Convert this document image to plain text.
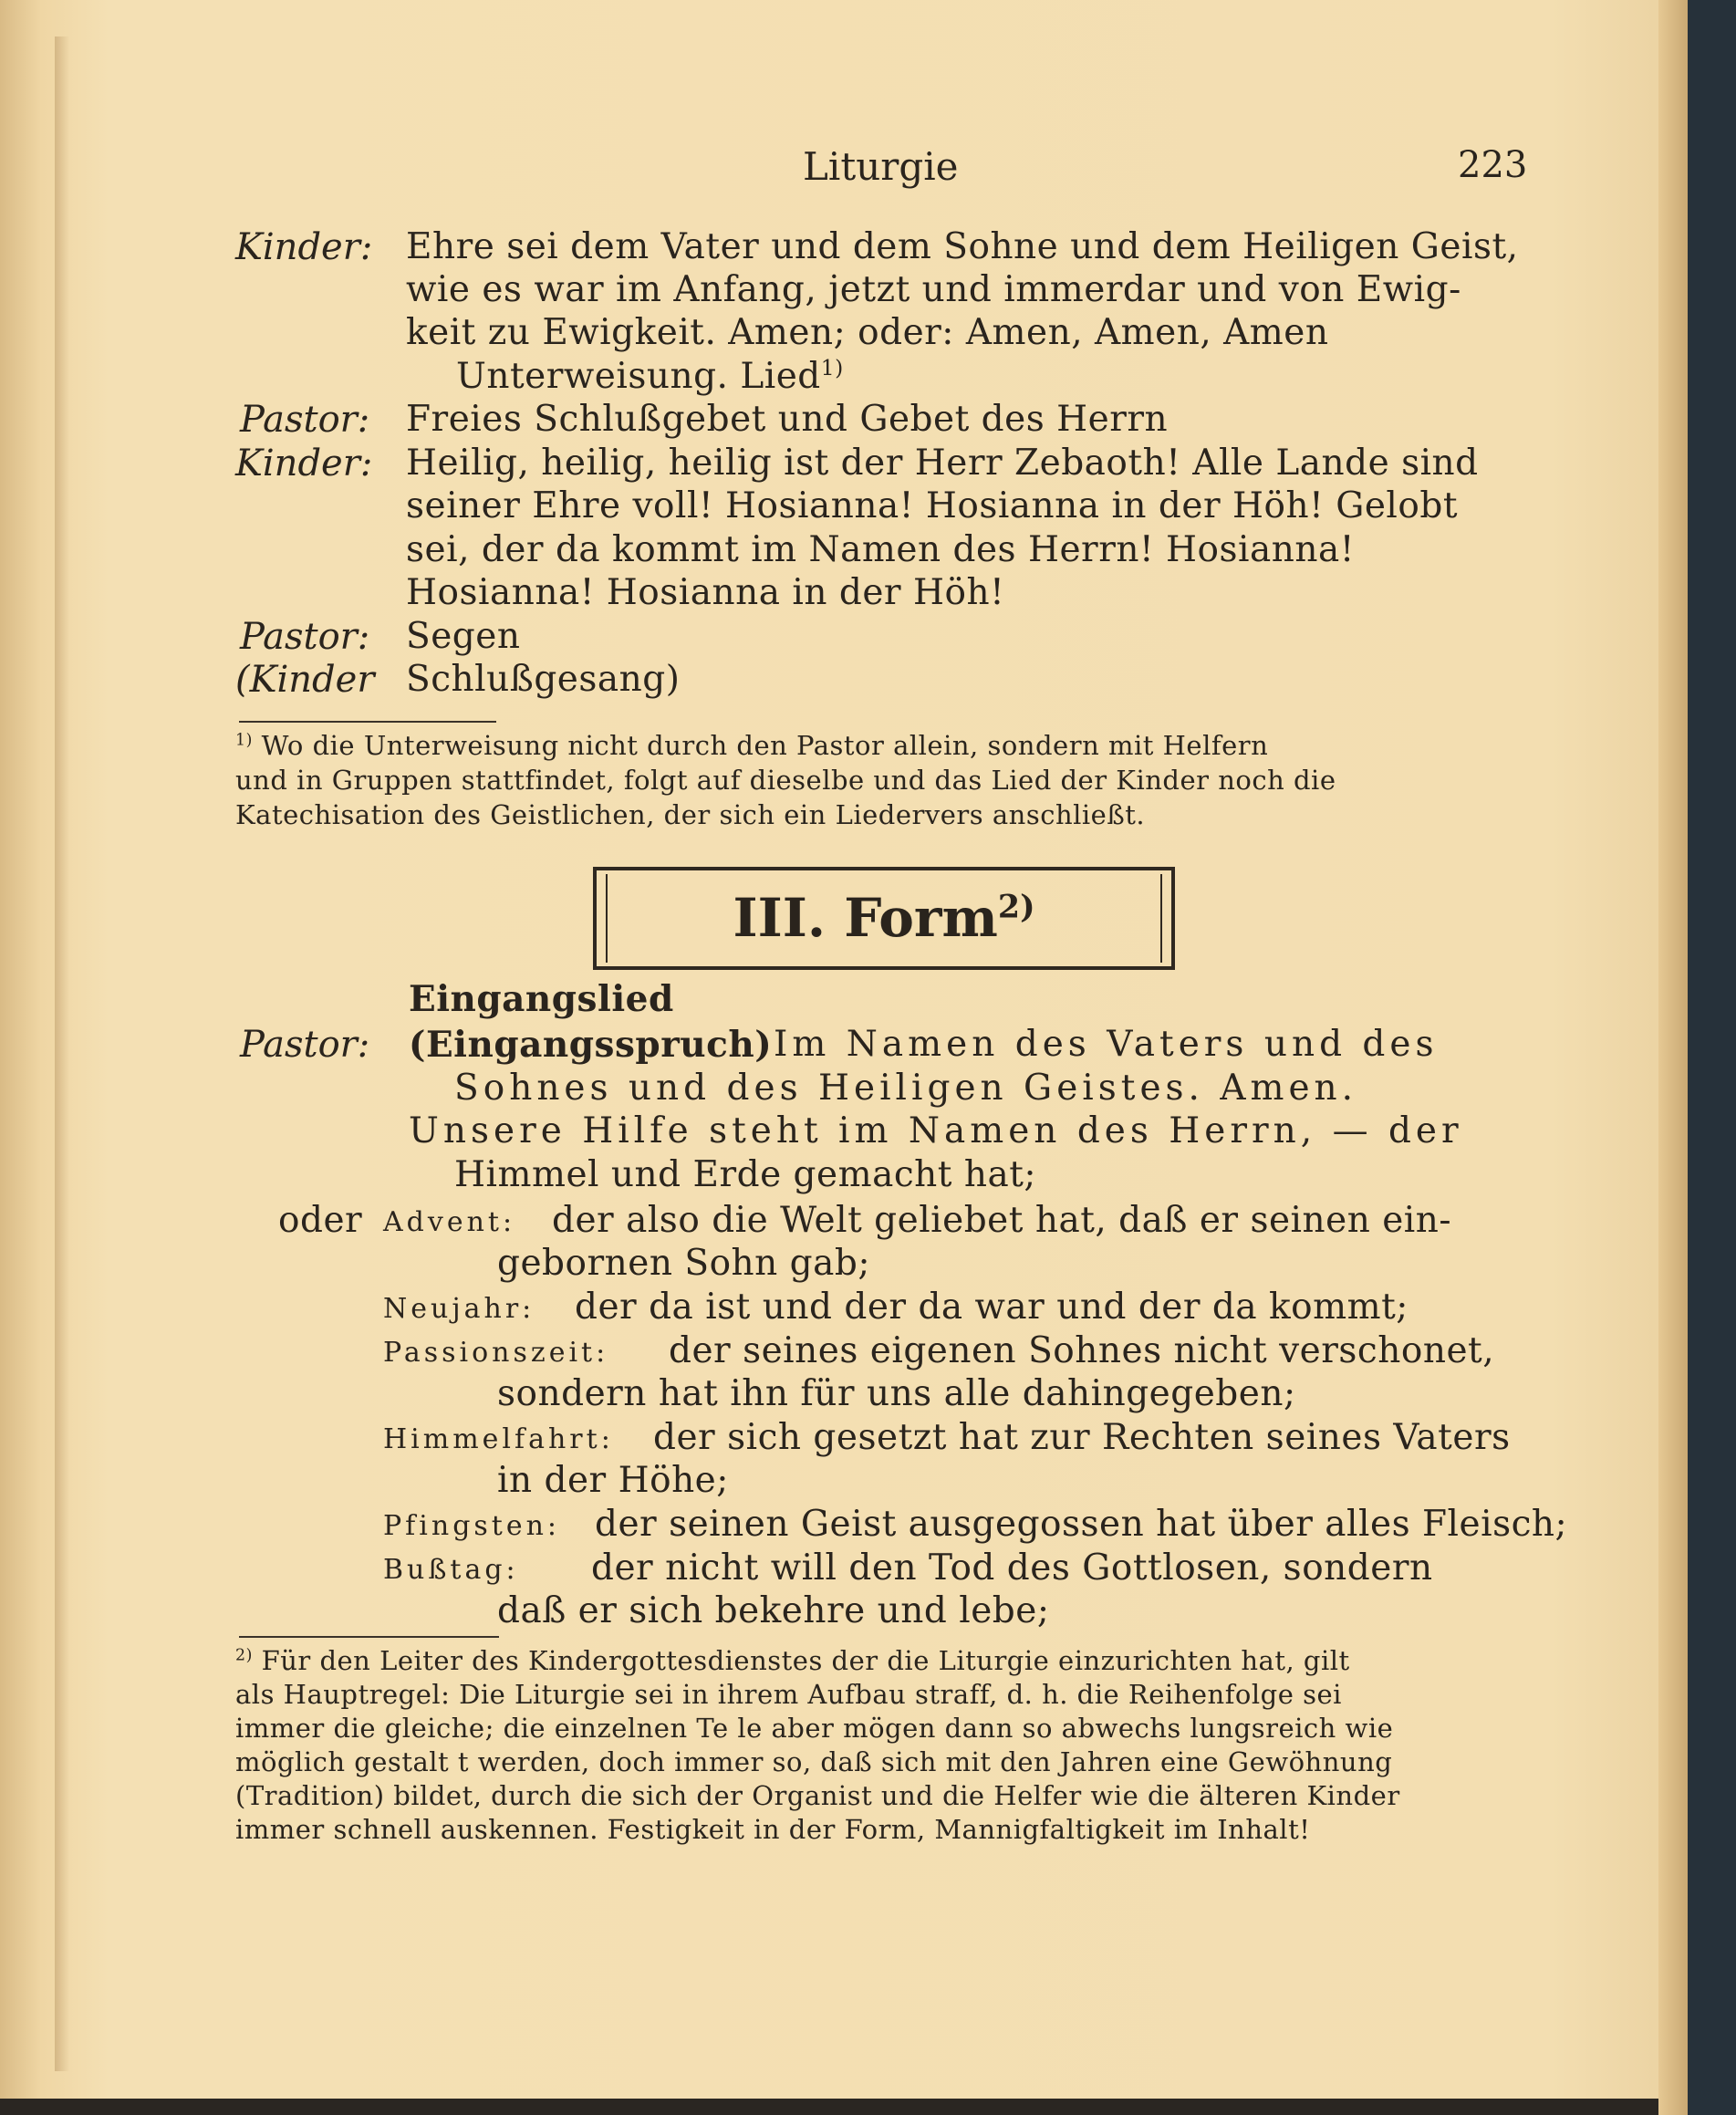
Liturgie	223
Kinder: Ehre sei dem Vater und dem Sohne und dem Heiligen Geist,
wie es war im Anfang, jetzt und immerdar und von Ewig-
keit zu Ewigkeit. Amen; oder: Amen, Amen, Amen
Unterweisung. Lied$^{1)}$
Pastor: Freies Schlußgebet und Gebet des Herrn
Kinder: Heilig, heilig, heilig ist der Herr Zebaoth! Alle Lande sind
seiner Ehre voll! Hosianna! Hosianna in der Höh! Gelobt
sei, der da kommt im Namen des Herrn! Hosianna!
Hosianna! Hosianna in der Höh!
Pastor: Segen
(Kinder Schlußgesang)
$^{1)}$ Wo die Unterweisung nicht durch den Pastor allein, sondern mit Helfern
und in Gruppen stattfindet, folgt auf dieselbe und das Lied der Kinder noch die
Katechisation des Geistlichen, der sich ein Liedervers anschließt.
III. Form$^{2)}$
Eingangslied
Pastor: (Eingangsspruch) Im Namen des Vaters und des
Sohnes und des Heiligen Geistes. Amen.
Unsere Hilfe steht im Namen des Herrn, — der
Himmel und Erde gemacht hat;
oder Advent: der also die Welt geliebet hat, daß er seinen ein-
gebornen Sohn gab;
Neujahr: der da ist und der da war und der da kommt;
Passionszeit: der seines eigenen Sohnes nicht verschonet,
sondern hat ihn für uns alle dahingegeben;
Himmelfahrt: der sich gesetzt hat zur Rechten seines Vaters
in der Höhe;
Pfingsten: der seinen Geist ausgegossen hat über alles Fleisch;
Bußtag: der nicht will den Tod des Gottlosen, sondern
daß er sich bekehre und lebe;
$^{2)}$ Für den Leiter des Kindergottesdienstes der die Liturgie einzurichten hat, gilt
als Hauptregel: Die Liturgie sei in ihrem Aufbau straff, d. h. die Reihenfolge sei
immer die gleiche; die einzelnen Te le aber mögen dann so abwechs lungsreich wie
möglich gestalt t werden, doch immer so, daß sich mit den Jahren eine Gewöhnung
(Tradition) bildet, durch die sich der Organist und die Helfer wie die älteren Kinder
immer schnell auskennen. Festigkeit in der Form, Mannigfaltigkeit im Inhalt!
